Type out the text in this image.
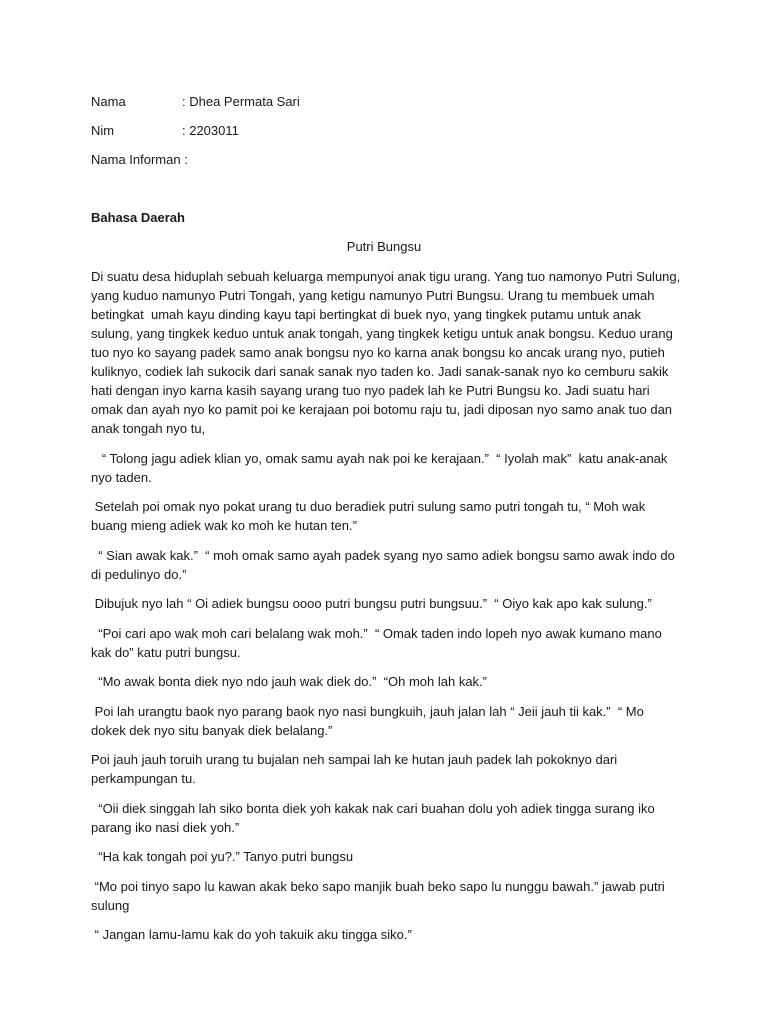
Nama	: Dhea Permata Sari
Nim	: 2203011
Nama Informan :
Bahasa Daerah
Putri Bungsu

Di suatu desa hiduplah sebuah keluarga mempunyoi anak tigu urang. Yang tuo namonyo Putri Sulung, yang kuduo namunyo Putri Tongah, yang ketigu namunyo Putri Bungsu. Urang tu membuek umah betingkat  umah kayu dinding kayu tapi bertingkat di buek nyo, yang tingkek putamu untuk anak sulung, yang tingkek keduo untuk anak tongah, yang tingkek ketigu untuk anak bongsu. Keduo urang tuo nyo ko sayang padek samo anak bongsu nyo ko karna anak bongsu ko ancak urang nyo, putieh kuliknyo, codiek lah sukocik dari sanak sanak nyo taden ko. Jadi sanak-sanak nyo ko cemburu sakik hati dengan inyo karna kasih sayang urang tuo nyo padek lah ke Putri Bungsu ko. Jadi suatu hari omak dan ayah nyo ko pamit poi ke kerajaan poi botomu raju tu, jadi diposan nyo samo anak tuo dan anak tongah nyo tu,

“ Tolong jagu adiek klian yo, omak samu ayah nak poi ke kerajaan.”  “ Iyolah mak”  katu anak-anak nyo taden.

Setelah poi omak nyo pokat urang tu duo beradiek putri sulung samo putri tongah tu, “ Moh wak buang mieng adiek wak ko moh ke hutan ten.”

“ Sian awak kak.”  “ moh omak samo ayah padek syang nyo samo adiek bongsu samo awak indo do di pedulinyo do.”

Dibujuk nyo lah “ Oi adiek bungsu oooo putri bungsu putri bungsuu.”  “ Oiyo kak apo kak sulung.”

“Poi cari apo wak moh cari belalang wak moh.”  “ Omak taden indo lopeh nyo awak kumano mano kak do” katu putri bungsu.

“Mo awak bonta diek nyo ndo jauh wak diek do.”  “Oh moh lah kak.”

Poi lah urangtu baok nyo parang baok nyo nasi bungkuih, jauh jalan lah “ Jeii jauh tii kak.”  “ Mo dokek dek nyo situ banyak diek belalang.”

Poi jauh jauh toruih urang tu bujalan neh sampai lah ke hutan jauh padek lah pokoknyo dari perkampungan tu.

“Oii diek singgah lah siko bonta diek yoh kakak nak cari buahan dolu yoh adiek tingga surang iko parang iko nasi diek yoh.”

“Ha kak tongah poi yu?.” Tanyo putri bungsu

“Mo poi tinyo sapo lu kawan akak beko sapo manjik buah beko sapo lu nunggu bawah.” jawab putri sulung

“ Jangan lamu-lamu kak do yoh takuik aku tingga siko.”
